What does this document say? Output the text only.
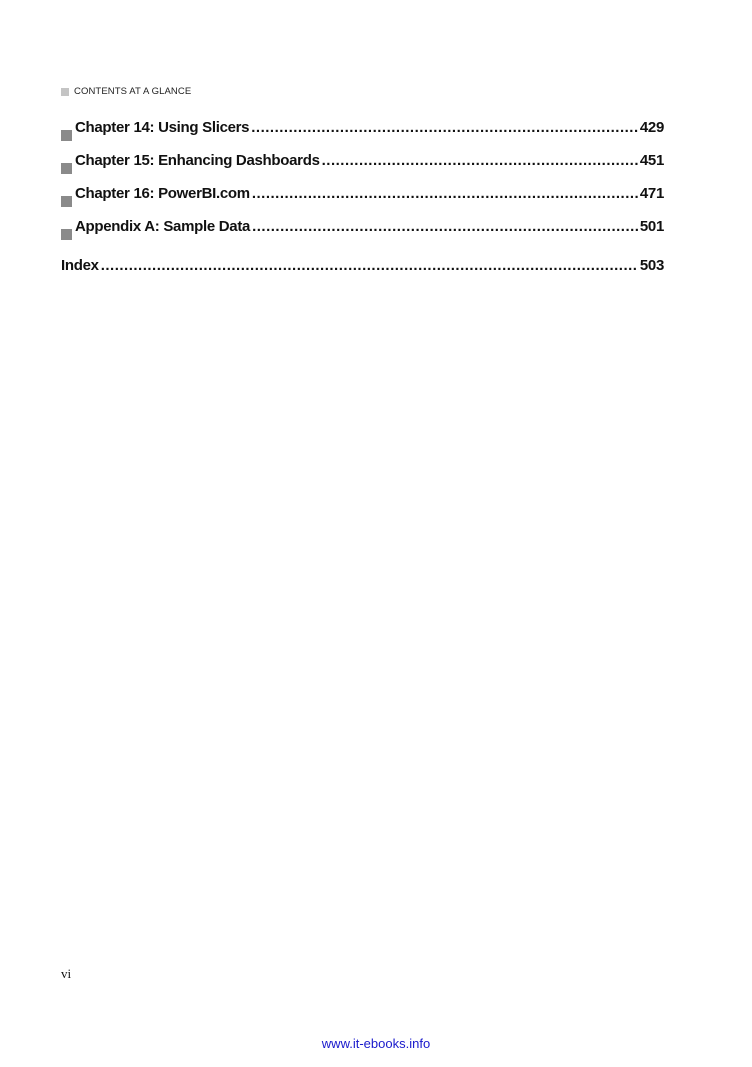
CONTENTS AT A GLANCE
Chapter 14: Using Slicers .....	429
Chapter 15: Enhancing Dashboards .....	451
Chapter 16: PowerBI.com .....	471
Appendix A: Sample Data .....	501
Index .....	503
vi
www.it-ebooks.info
